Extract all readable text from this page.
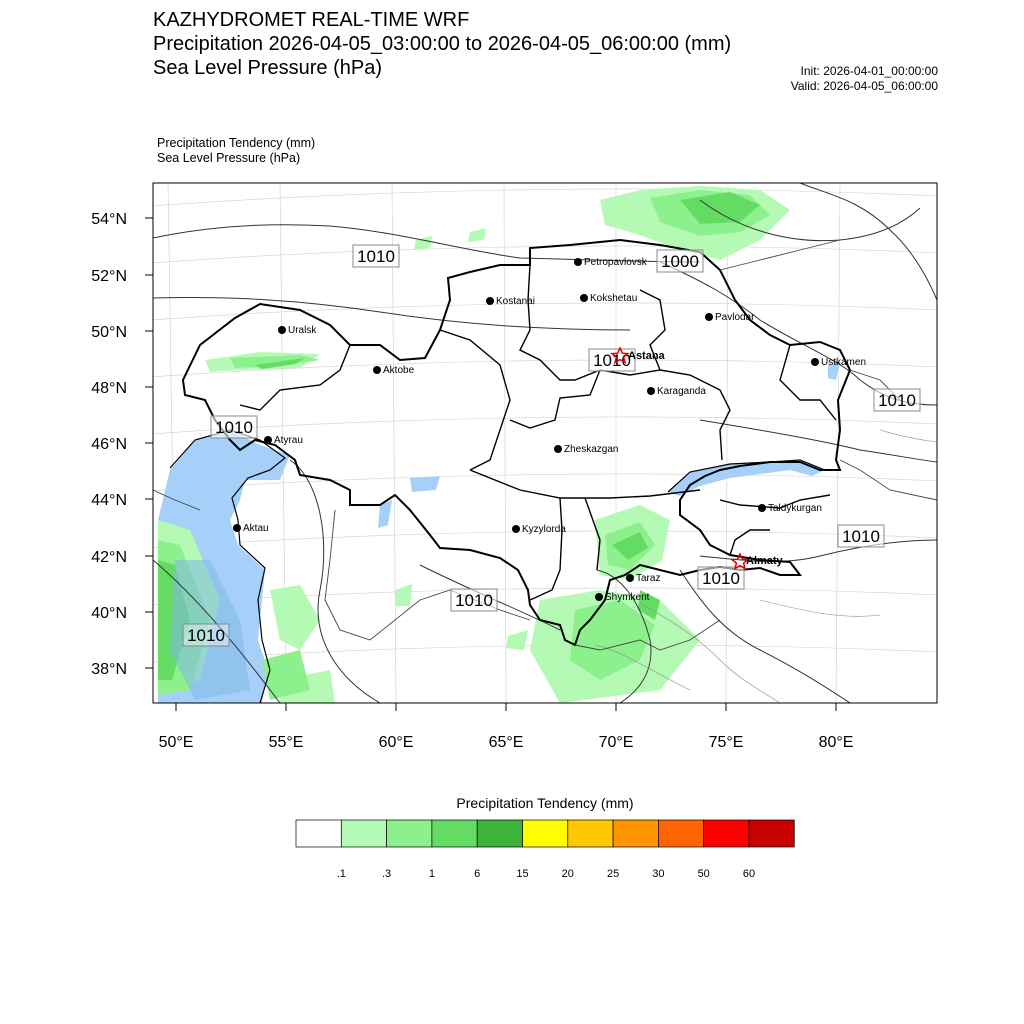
KAZHYDROMET REAL-TIME WRF
Precipitation 2026-04-05_03:00:00 to 2026-04-05_06:00:00 (mm)
Sea Level Pressure (hPa)	Init: 2026-04-01_00:00:00
Valid: 2026-04-05_06:00:00
Precipitation Tendency (mm)
Sea Level Pressure (hPa)
54°N
52°N
50°N
48°N
46°N
44°N
42°N
40°N
38°N
50°E	55°E	60°E	65°E	70°E	75°E	80°E
1010	1000
1010
1010
1010
1010
1010
1010
1010
Petropavlovsk
Kostanai	Kokshetau
Pavlodar
Uralsk
Aktobe
Astana
Ustkamen
Karaganda
Atyrau
Zheskazgan
Aktau	Kyzylorda
Taldykurgan
Almaty
Taraz
Shymkent
Precipitation Tendency (mm)
.1	.3	1	6	15	20	25	30	50	60
